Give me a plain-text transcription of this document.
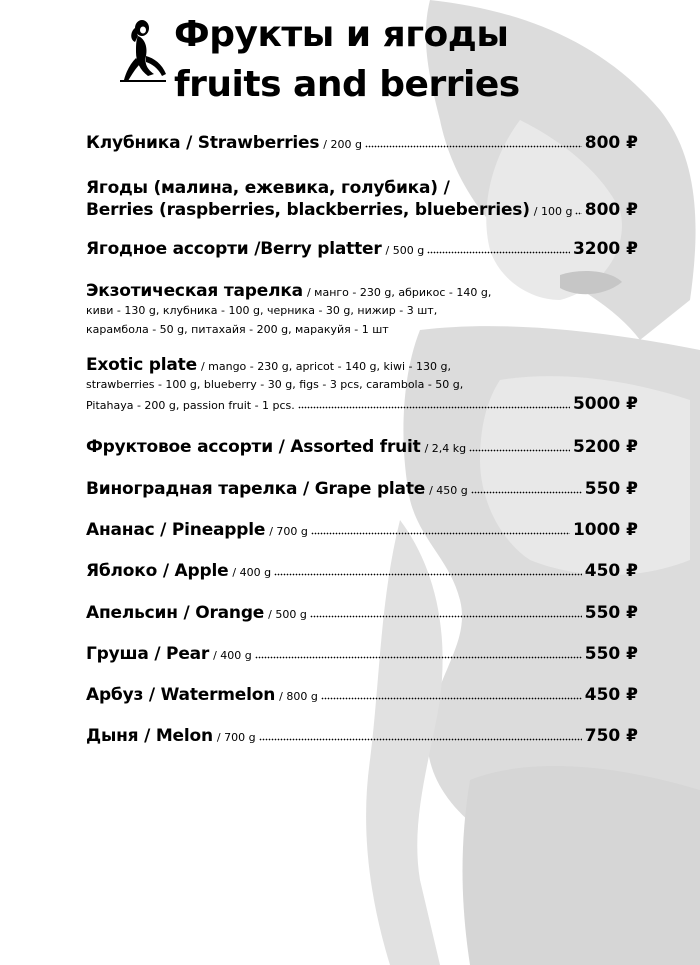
Фрукты и ягоды
fruits and berries
Клубника / Strawberries / 200 g	800 ₽
Ягоды (малина, ежевика, голубика) /
Berries (raspberries, blackberries, blueberries) / 100 g 800 ₽
Ягодное ассорти /Berry platter / 500 g	3200 ₽
Экзотическая тарелка / манго - 230 g, абрикос - 140 g,
киви - 130 g, клубника - 100 g, черника - 30 g, нижир - 3 шт,
карамбола - 50 g, питахайя - 200 g, маракуйя - 1 шт
Exotic plate / mango - 230 g, apricot - 140 g, kiwi - 130 g,
strawberries - 100 g, blueberry - 30 g, figs - 3 pcs, carambola - 50 g,
Pitahaya - 200 g, passion fruit - 1 pcs.	5000 ₽
Фруктовое ассорти / Assorted fruit / 2,4 kg	5200 ₽
Виноградная тарелка / Grape plate / 450 g	550 ₽
Ананас / Pineapple / 700 g	1000 ₽
Яблоко / Apple / 400 g	450 ₽
Апельсин / Orange / 500 g	550 ₽
Груша / Pear / 400 g	550 ₽
Арбуз / Watermelon / 800 g	450 ₽
Дыня / Melon / 700 g	750 ₽
